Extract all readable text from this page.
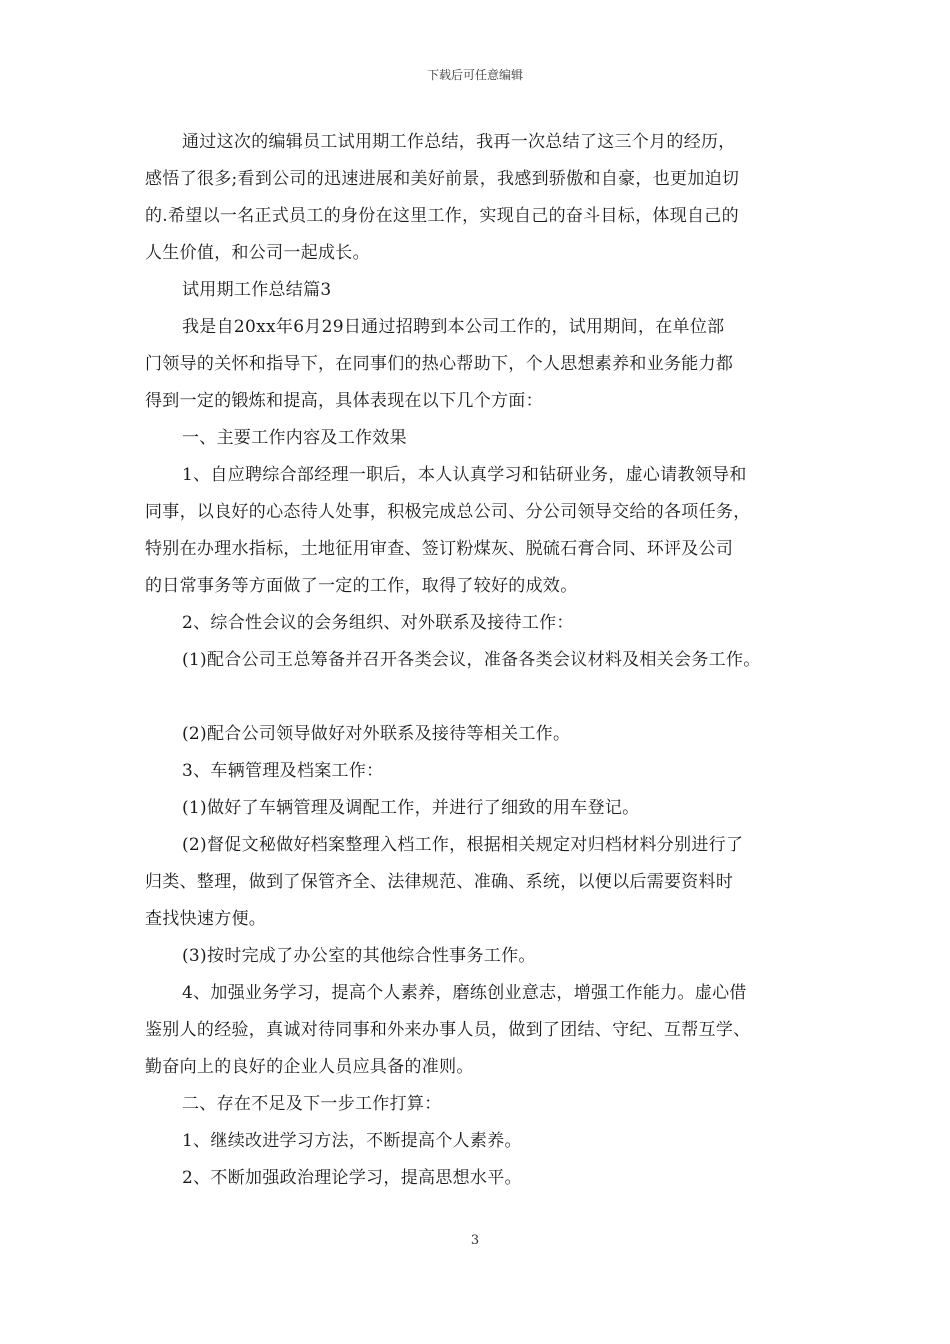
下载后可任意编辑
通过这次的编辑员工试用期工作总结，我再一次总结了这三个月的经历，
感悟了很多;看到公司的迅速进展和美好前景，我感到骄傲和自豪，也更加迫切
的.希望以一名正式员工的身份在这里工作，实现自己的奋斗目标，体现自己的
人生价值，和公司一起成长。
试用期工作总结篇3
我是自20xx年6月29日通过招聘到本公司工作的，试用期间，在单位部
门领导的关怀和指导下，在同事们的热心帮助下，个人思想素养和业务能力都
得到一定的锻炼和提高，具体表现在以下几个方面：
一、主要工作内容及工作效果
1、自应聘综合部经理一职后，本人认真学习和钻研业务，虚心请教领导和
同事，以良好的心态待人处事，积极完成总公司、分公司领导交给的各项任务，
特别在办理水指标，土地征用审查、签订粉煤灰、脱硫石膏合同、环评及公司
的日常事务等方面做了一定的工作，取得了较好的成效。
2、综合性会议的会务组织、对外联系及接待工作：
(1)配合公司王总筹备并召开各类会议，准备各类会议材料及相关会务工作。
(2)配合公司领导做好对外联系及接待等相关工作。
3、车辆管理及档案工作：
(1)做好了车辆管理及调配工作，并进行了细致的用车登记。
(2)督促文秘做好档案整理入档工作，根据相关规定对归档材料分别进行了
归类、整理，做到了保管齐全、法律规范、准确、系统，以便以后需要资料时
查找快速方便。
(3)按时完成了办公室的其他综合性事务工作。
4、加强业务学习，提高个人素养，磨练创业意志，增强工作能力。虚心借
鉴别人的经验，真诚对待同事和外来办事人员，做到了团结、守纪、互帮互学、
勤奋向上的良好的企业人员应具备的准则。
二、存在不足及下一步工作打算：
1、继续改进学习方法，不断提高个人素养。
2、不断加强政治理论学习，提高思想水平。
3
